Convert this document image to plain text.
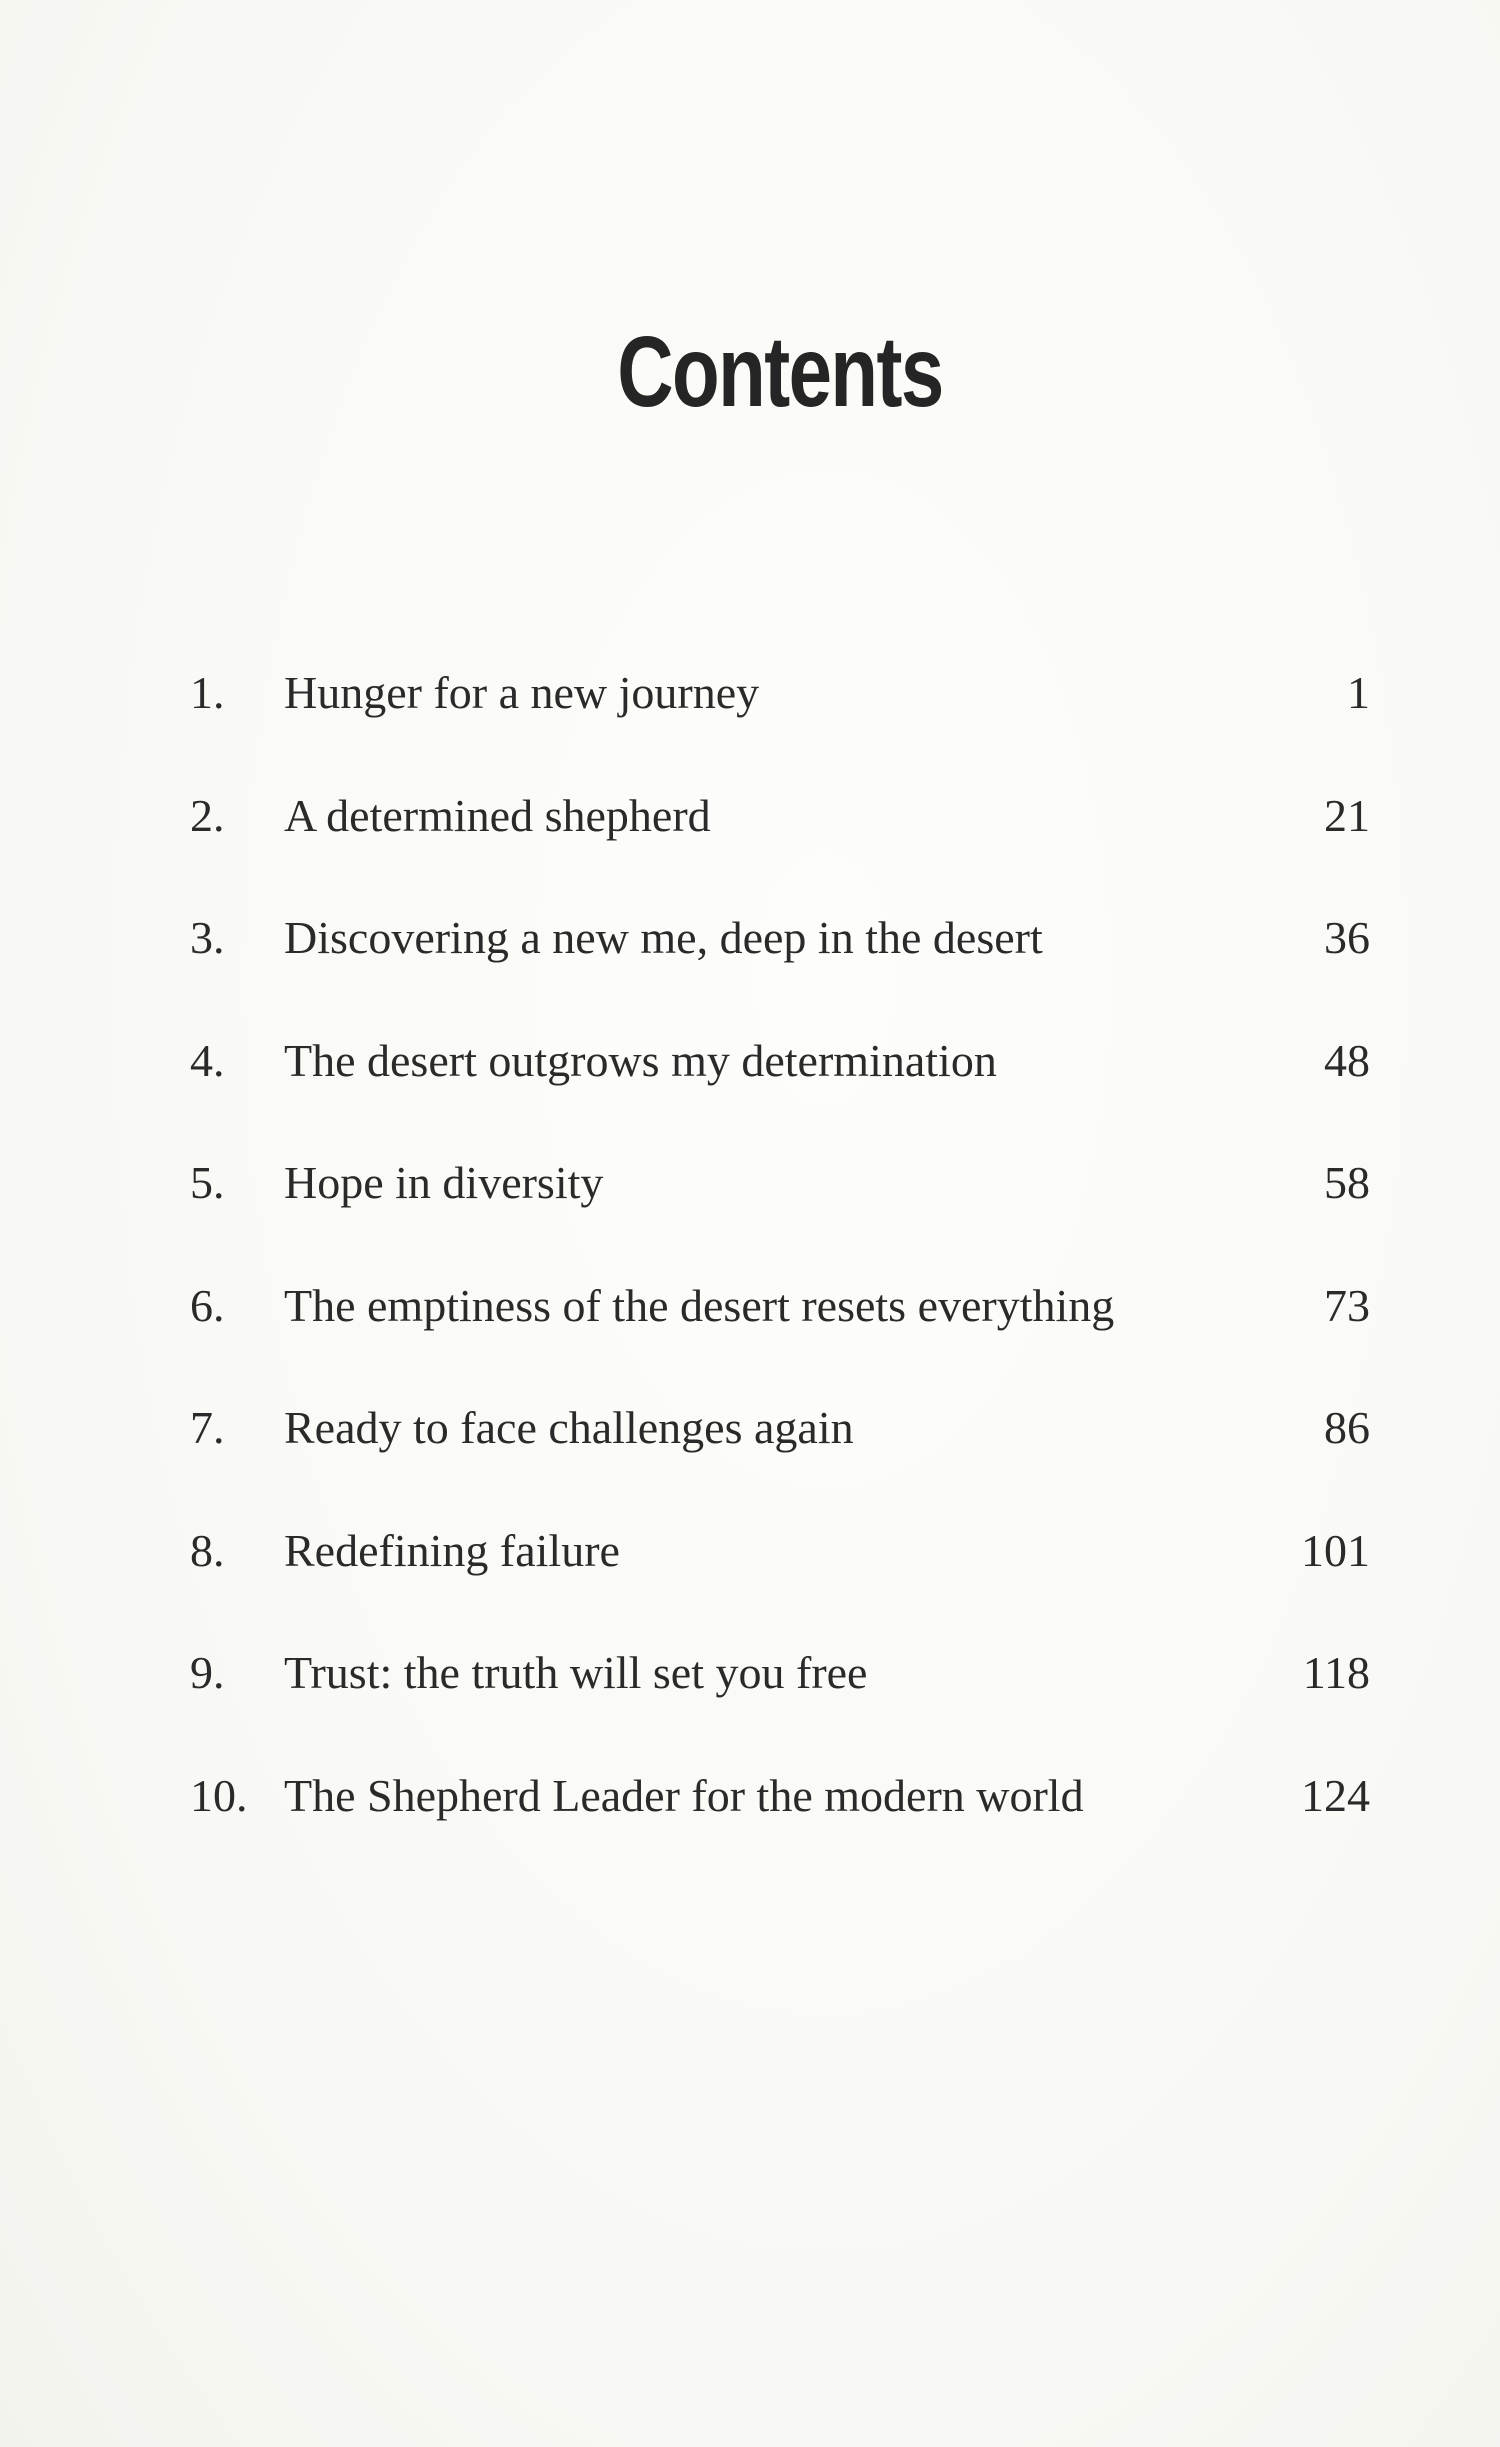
Contents
1.	Hunger for a new journey	1
2.	A determined shepherd	21
3.	Discovering a new me, deep in the desert	36
4.	The desert outgrows my determination	48
5.	Hope in diversity	58
6.	The emptiness of the desert resets everything	73
7.	Ready to face challenges again	86
8.	Redefining failure	101
9.	Trust: the truth will set you free	118
10. The Shepherd Leader for the modern world	124
